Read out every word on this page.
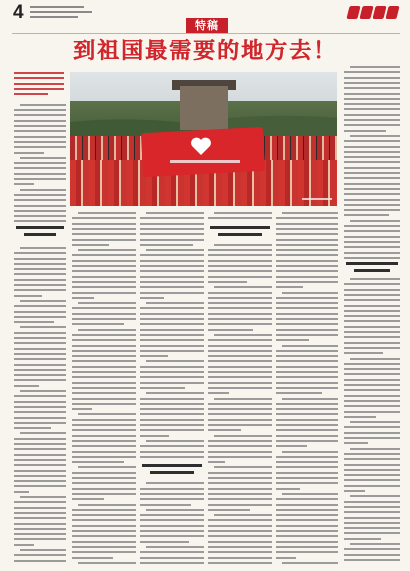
4
特稿
到祖国最需要的地方去！
